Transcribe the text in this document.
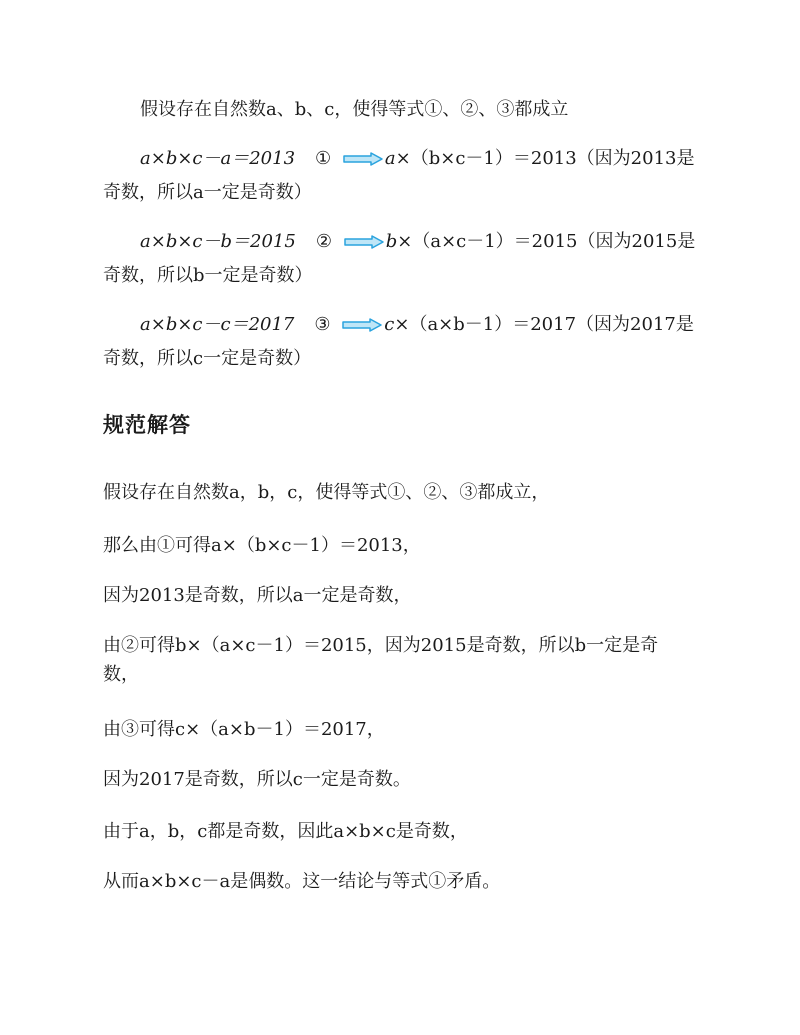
假设存在自然数a、b、c，使得等式①、②、③都成立
a×b×c－a＝2013 ①	a×（b×c－1）＝2013（因为2013是
奇数，所以a一定是奇数）
a×b×c－b＝2015 ②	b×（a×c－1）＝2015（因为2015是
奇数，所以b一定是奇数）
a×b×c－c＝2017 ③	c×（a×b－1）＝2017（因为2017是
奇数，所以c一定是奇数）
规范解答
假设存在自然数a，b，c，使得等式①、②、③都成立，
那么由①可得a×（b×c－1）＝2013，
因为2013是奇数，所以a一定是奇数，
由②可得b×（a×c－1）＝2015，因为2015是奇数，所以b一定是奇
数，
由③可得c×（a×b－1）＝2017，
因为2017是奇数，所以c一定是奇数。
由于a，b，c都是奇数，因此a×b×c是奇数，
从而a×b×c－a是偶数。这一结论与等式①矛盾。
